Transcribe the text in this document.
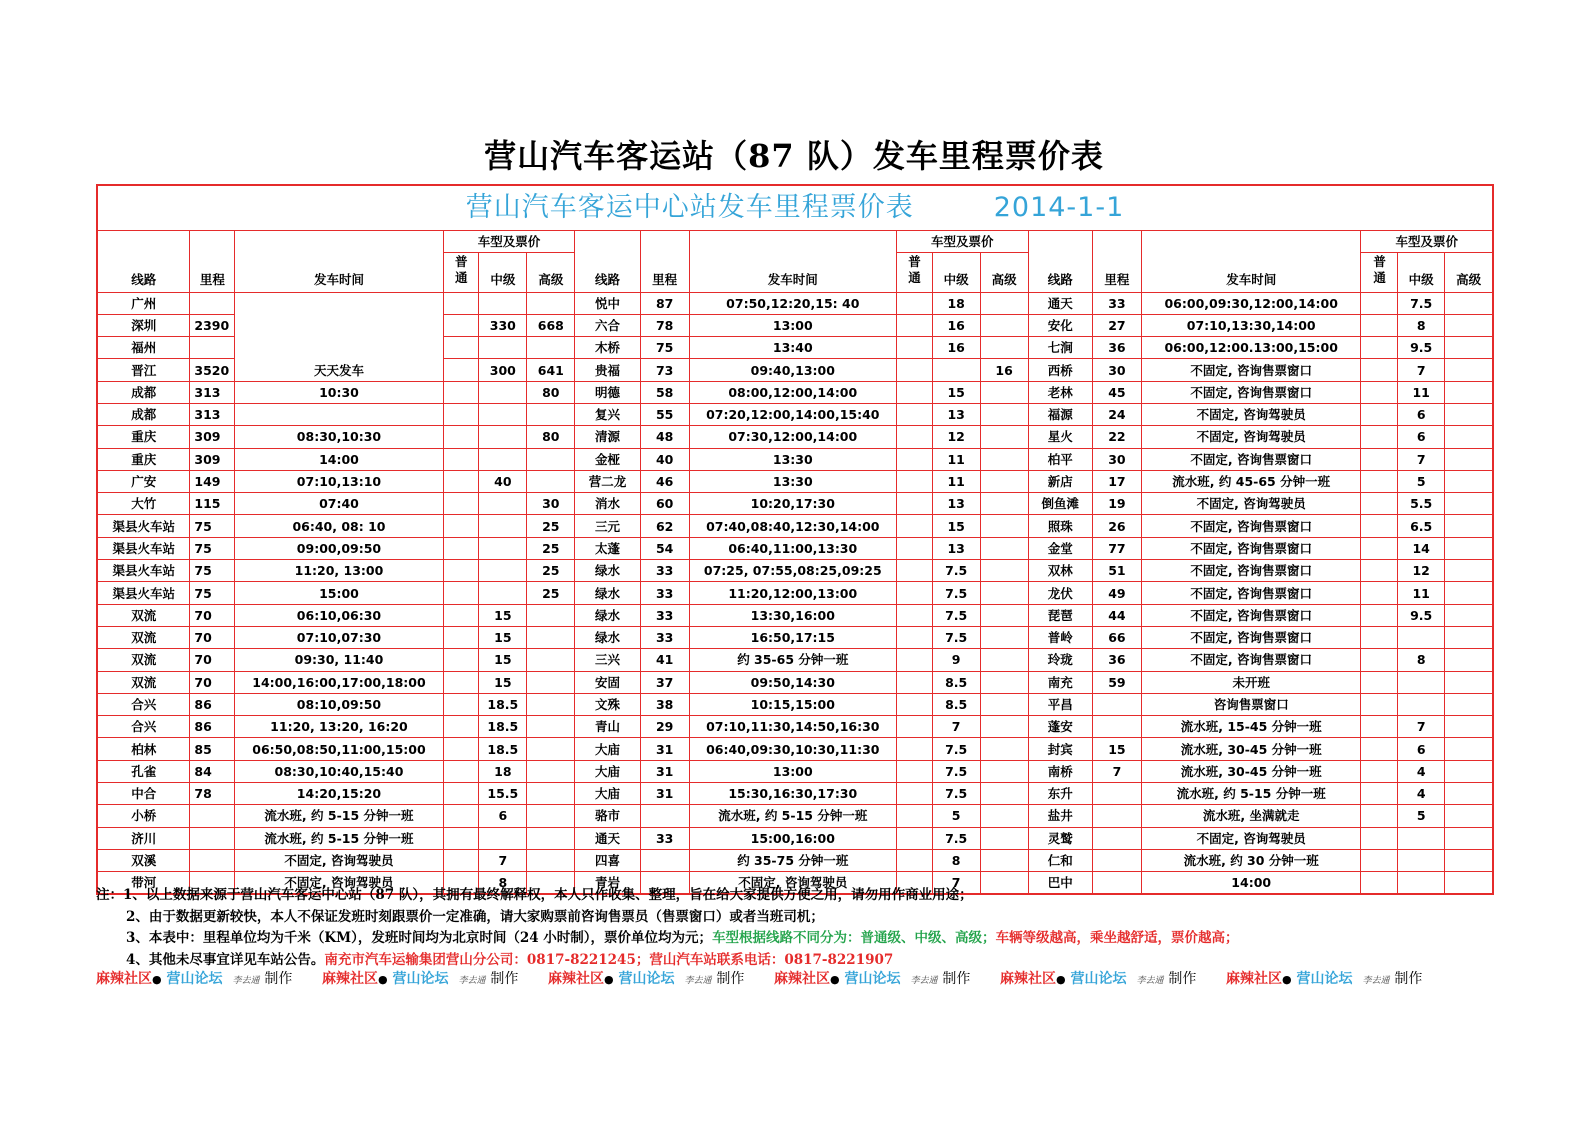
营山汽车客运站（87 队）发车里程票价表
营山汽车客运中心站发车里程票价表 2014-1-1																	
线路	里程	发车时间	车型及票价			线路	里程	发车时间	车型及票价			线路	里程	发车时间	车型及票价		
			普通	中级	高级				普通	中级	高级				普通	中级	高级
广州		天天发车				悦中	87	07:50,12:20,15: 40		18		通天	33	06:00,09:30,12:00,14:00		7.5	
深圳	2390			330	668	六合	78	13:00		16		安化	27	07:10,13:30,14:00		8	
福州						木桥	75	13:40		16		七涧	36	06:00,12:00.13:00,15:00		9.5	
晋江	3520			300	641	贵福	73	09:40,13:00			16	西桥	30	不固定, 咨询售票窗口		7	
成都	313	10:30			80	明德	58	08:00,12:00,14:00		15		老林	45	不固定, 咨询售票窗口		11	
成都	313					复兴	55	07:20,12:00,14:00,15:40		13		福源	24	不固定, 咨询驾驶员		6	
重庆	309	08:30,10:30			80	清源	48	07:30,12:00,14:00		12		星火	22	不固定, 咨询驾驶员		6	
重庆	309	14:00				金桠	40	13:30		11		柏平	30	不固定, 咨询售票窗口		7	
广安	149	07:10,13:10		40		营二龙	46	13:30		11		新店	17	流水班, 约 45-65 分钟一班		5	
大竹	115	07:40			30	消水	60	10:20,17:30		13		倒鱼滩	19	不固定, 咨询驾驶员		5.5	
渠县火车站	75	06:40, 08: 10			25	三元	62	07:40,08:40,12:30,14:00		15		照珠	26	不固定, 咨询售票窗口		6.5	
渠县火车站	75	09:00,09:50			25	太蓬	54	06:40,11:00,13:30		13		金堂	77	不固定, 咨询售票窗口		14	
渠县火车站	75	11:20, 13:00			25	绿水	33	07:25, 07:55,08:25,09:25		7.5		双林	51	不固定, 咨询售票窗口		12	
渠县火车站	75	15:00			25	绿水	33	11:20,12:00,13:00		7.5		龙伏	49	不固定, 咨询售票窗口		11	
双流	70	06:10,06:30		15		绿水	33	13:30,16:00		7.5		琵琶	44	不固定, 咨询售票窗口		9.5	
双流	70	07:10,07:30		15		绿水	33	16:50,17:15		7.5		普岭	66	不固定, 咨询售票窗口			
双流	70	09:30, 11:40		15		三兴	41	约 35-65 分钟一班		9		玲珑	36	不固定, 咨询售票窗口		8	
双流	70	14:00,16:00,17:00,18:00		15		安固	37	09:50,14:30		8.5		南充	59	未开班			
合兴	86	08:10,09:50		18.5		文殊	38	10:15,15:00		8.5		平昌		咨询售票窗口			
合兴	86	11:20, 13:20, 16:20		18.5		青山	29	07:10,11:30,14:50,16:30		7		蓬安		流水班, 15-45 分钟一班		7	
柏林	85	06:50,08:50,11:00,15:00		18.5		大庙	31	06:40,09:30,10:30,11:30		7.5		封宾	15	流水班, 30-45 分钟一班		6	
孔雀	84	08:30,10:40,15:40		18		大庙	31	13:00		7.5		南桥	7	流水班, 30-45 分钟一班		4	
中合	78	14:20,15:20		15.5		大庙	31	15:30,16:30,17:30		7.5		东升		流水班, 约 5-15 分钟一班		4	
小桥		流水班, 约 5-15 分钟一班		6		骆市		流水班, 约 5-15 分钟一班		5		盐井		流水班, 坐满就走		5	
济川		流水班, 约 5-15 分钟一班				通天	33	15:00,16:00		7.5		灵鹫		不固定, 咨询驾驶员			
双溪		不固定, 咨询驾驶员		7		四喜		约 35-75 分钟一班		8		仁和		流水班, 约 30 分钟一班			
带河		不固定, 咨询驾驶员		8		青岩		不固定, 咨询驾驶员		7		巴中		14:00			
注：1、以上数据来源于营山汽车客运中心站（87 队），其拥有最终解释权，本人只作收集、整理，旨在给大家提供方便之用，请勿用作商业用途；
2、由于数据更新较快，本人不保证发班时刻跟票价一定准确，请大家购票前咨询售票员（售票窗口）或者当班司机；
3、本表中：里程单位均为千米（KM），发班时间均为北京时间（24 小时制），票价单位均为元；车型根据线路不同分为：普通级、中级、高级；车辆等级越高，乘坐越舒适，票价越高；
4、其他未尽事宜详见车站公告。南充市汽车运输集团营山分公司：0817-8221245；营山汽车站联系电话：0817-8221907
麻辣社区● 营山论坛 李去通 制作 麻辣社区● 营山论坛 李去通 制作 麻辣社区● 营山论坛 李去通 制作 麻辣社区● 营山论坛 李去通 制作 麻辣社区● 营山论坛 李去通 制作 麻辣社区● 营山论坛 李去通 制作
